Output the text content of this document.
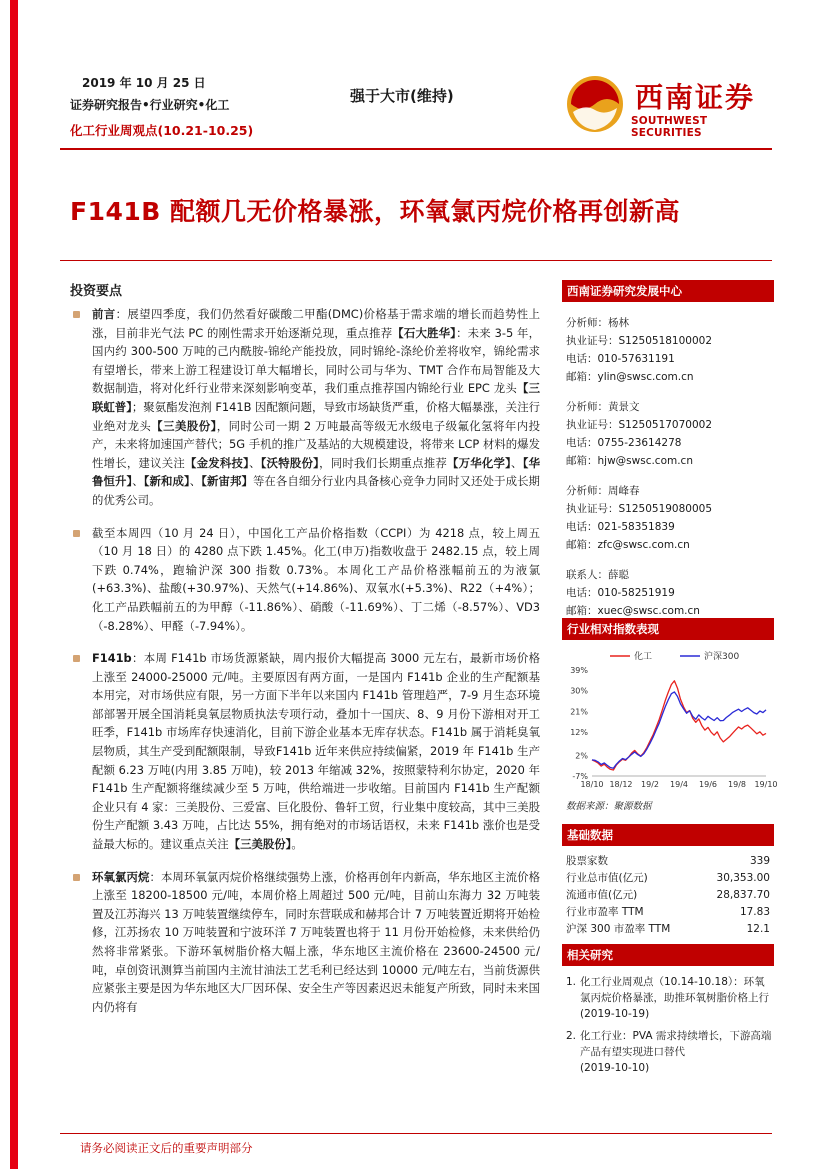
2019 年 10 月 25 日
证券研究报告•行业研究•化工
化工行业周观点(10.21-10.25)
强于大市(维持)	西南证券
SOUTHWEST SECURITIES
F141B 配额几无价格暴涨，环氧氯丙烷价格再创新高
投资要点
前言：展望四季度，我们仍然看好碳酸二甲酯(DMC)价格基于需求端的增长而趋势性上涨，目前非光气法 PC 的刚性需求开始逐渐兑现，重点推荐【石大胜华】：未来 3-5 年，国内约 300-500 万吨的己内酰胺-锦纶产能投放，同时锦纶-涤纶价差将收窄，锦纶需求有望增长，带来上游工程建设订单大幅增长，同时公司与华为、TMT 合作布局智能及大数据制造，将对化纤行业带来深刻影响变革，我们重点推荐国内锦纶行业 EPC 龙头【三联虹普】；聚氨酯发泡剂 F141B 因配额问题，导致市场缺货严重，价格大幅暴涨，关注行业绝对龙头【三美股份】，同时公司一期 2 万吨最高等级无水级电子级氟化氢将年内投产，未来将加速国产替代；5G 手机的推广及基站的大规模建设，将带来 LCP 材料的爆发性增长，建议关注【金发科技】、【沃特股份】，同时我们长期重点推荐【万华化学】、【华鲁恒升】、【新和成】、【新宙邦】等在各自细分行业内具备核心竞争力同时又还处于成长期的优秀公司。
截至本周四（10 月 24 日），中国化工产品价格指数（CCPI）为 4218 点，较上周五（10 月 18 日）的 4280 点下跌 1.45%。化工(申万)指数收盘于 2482.15 点，较上周下跌 0.74%，跑输沪深 300 指数 0.73%。本周化工产品价格涨幅前五的为液氯(+63.3%)、盐酸(+30.97%)、天然气(+14.86%)、双氧水(+5.3%)、R22（+4%）；化工产品跌幅前五的为甲醇（-11.86%）、硝酸（-11.69%）、丁二烯（-8.57%）、VD3（-8.28%）、甲醛（-7.94%）。
F141b：本周 F141b 市场货源紧缺，周内报价大幅提高 3000 元左右，最新市场价格上涨至 24000-25000 元/吨。主要原因有两方面，一是国内 F141b 企业的生产配额基本用完，对市场供应有限，另一方面下半年以来国内 F141b 管理趋严，7-9 月生态环境部部署开展全国消耗臭氧层物质执法专项行动，叠加十一国庆、8、9 月份下游相对开工旺季，F141b 市场库存快速消化，目前下游企业基本无库存状态。F141b 属于消耗臭氧层物质，其生产受到配额限制，导致F141b 近年来供应持续偏紧，2019 年 F141b 生产配额 6.23 万吨(内用 3.85 万吨)，较 2013 年缩减 32%，按照蒙特利尔协定，2020 年 F141b 生产配额将继续减少至 5 万吨，供给端进一步收缩。目前国内 F141b 生产配额企业只有 4 家：三美股份、三爱富、巨化股份、鲁轩工贸，行业集中度较高，其中三美股份生产配额 3.43 万吨，占比达 55%，拥有绝对的市场话语权，未来 F141b 涨价也是受益最大标的。建议重点关注【三美股份】。
环氧氯丙烷：本周环氧氯丙烷价格继续强势上涨，价格再创年内新高，华东地区主流价格上涨至 18200-18500 元/吨，本周价格上周超过 500 元/吨，目前山东海力 32 万吨装置及江苏海兴 13 万吨装置继续停车，同时东营联成和赫邦合计 7 万吨装置近期将开始检修，江苏扬农 10 万吨装置和宁波环洋 7 万吨装置也将于 11 月份开始检修，未来供给仍然将非常紧张。下游环氧树脂价格大幅上涨，华东地区主流价格在 23600-24500 元/吨，卓创资讯测算当前国内主流甘油法工艺毛利已经达到 10000 元/吨左右，当前货源供应紧张主要是因为华东地区大厂因环保、安全生产等因素迟迟未能复产所致，同时未来国内仍将有
西南证券研究发展中心
分析师：杨林
执业证号：S1250518100002
电话：010-57631191
邮箱：ylin@swsc.com.cn
分析师：黄景文
执业证号：S1250517070002
电话：0755-23614278
邮箱：hjw@swsc.com.cn
分析师：周峰春
执业证号：S1250519080005
电话：021-58351839
邮箱：zfc@swsc.com.cn
联系人：薛聪
电话：010-58251919
邮箱：xuec@swsc.com.cn
行业相对指数表现
39%
30%
21%
12%
2%
-7%
18/10 18/12 19/2 19/4 19/6 19/8 19/10
化工	沪深300
数据来源：聚源数据
基础数据
股票家数	339
行业总市值(亿元)	30,353.00
流通市值(亿元)	28,837.70
行业市盈率 TTM	17.83
沪深 300 市盈率 TTM	12.1
相关研究
1. 化工行业周观点（10.14-10.18）：环氧氯丙烷价格暴涨，助推环氧树脂价格上行
(2019-10-19)
2. 化工行业：PVA 需求持续增长，下游高端产品有望实现进口替代
(2019-10-10)
请务必阅读正文后的重要声明部分
